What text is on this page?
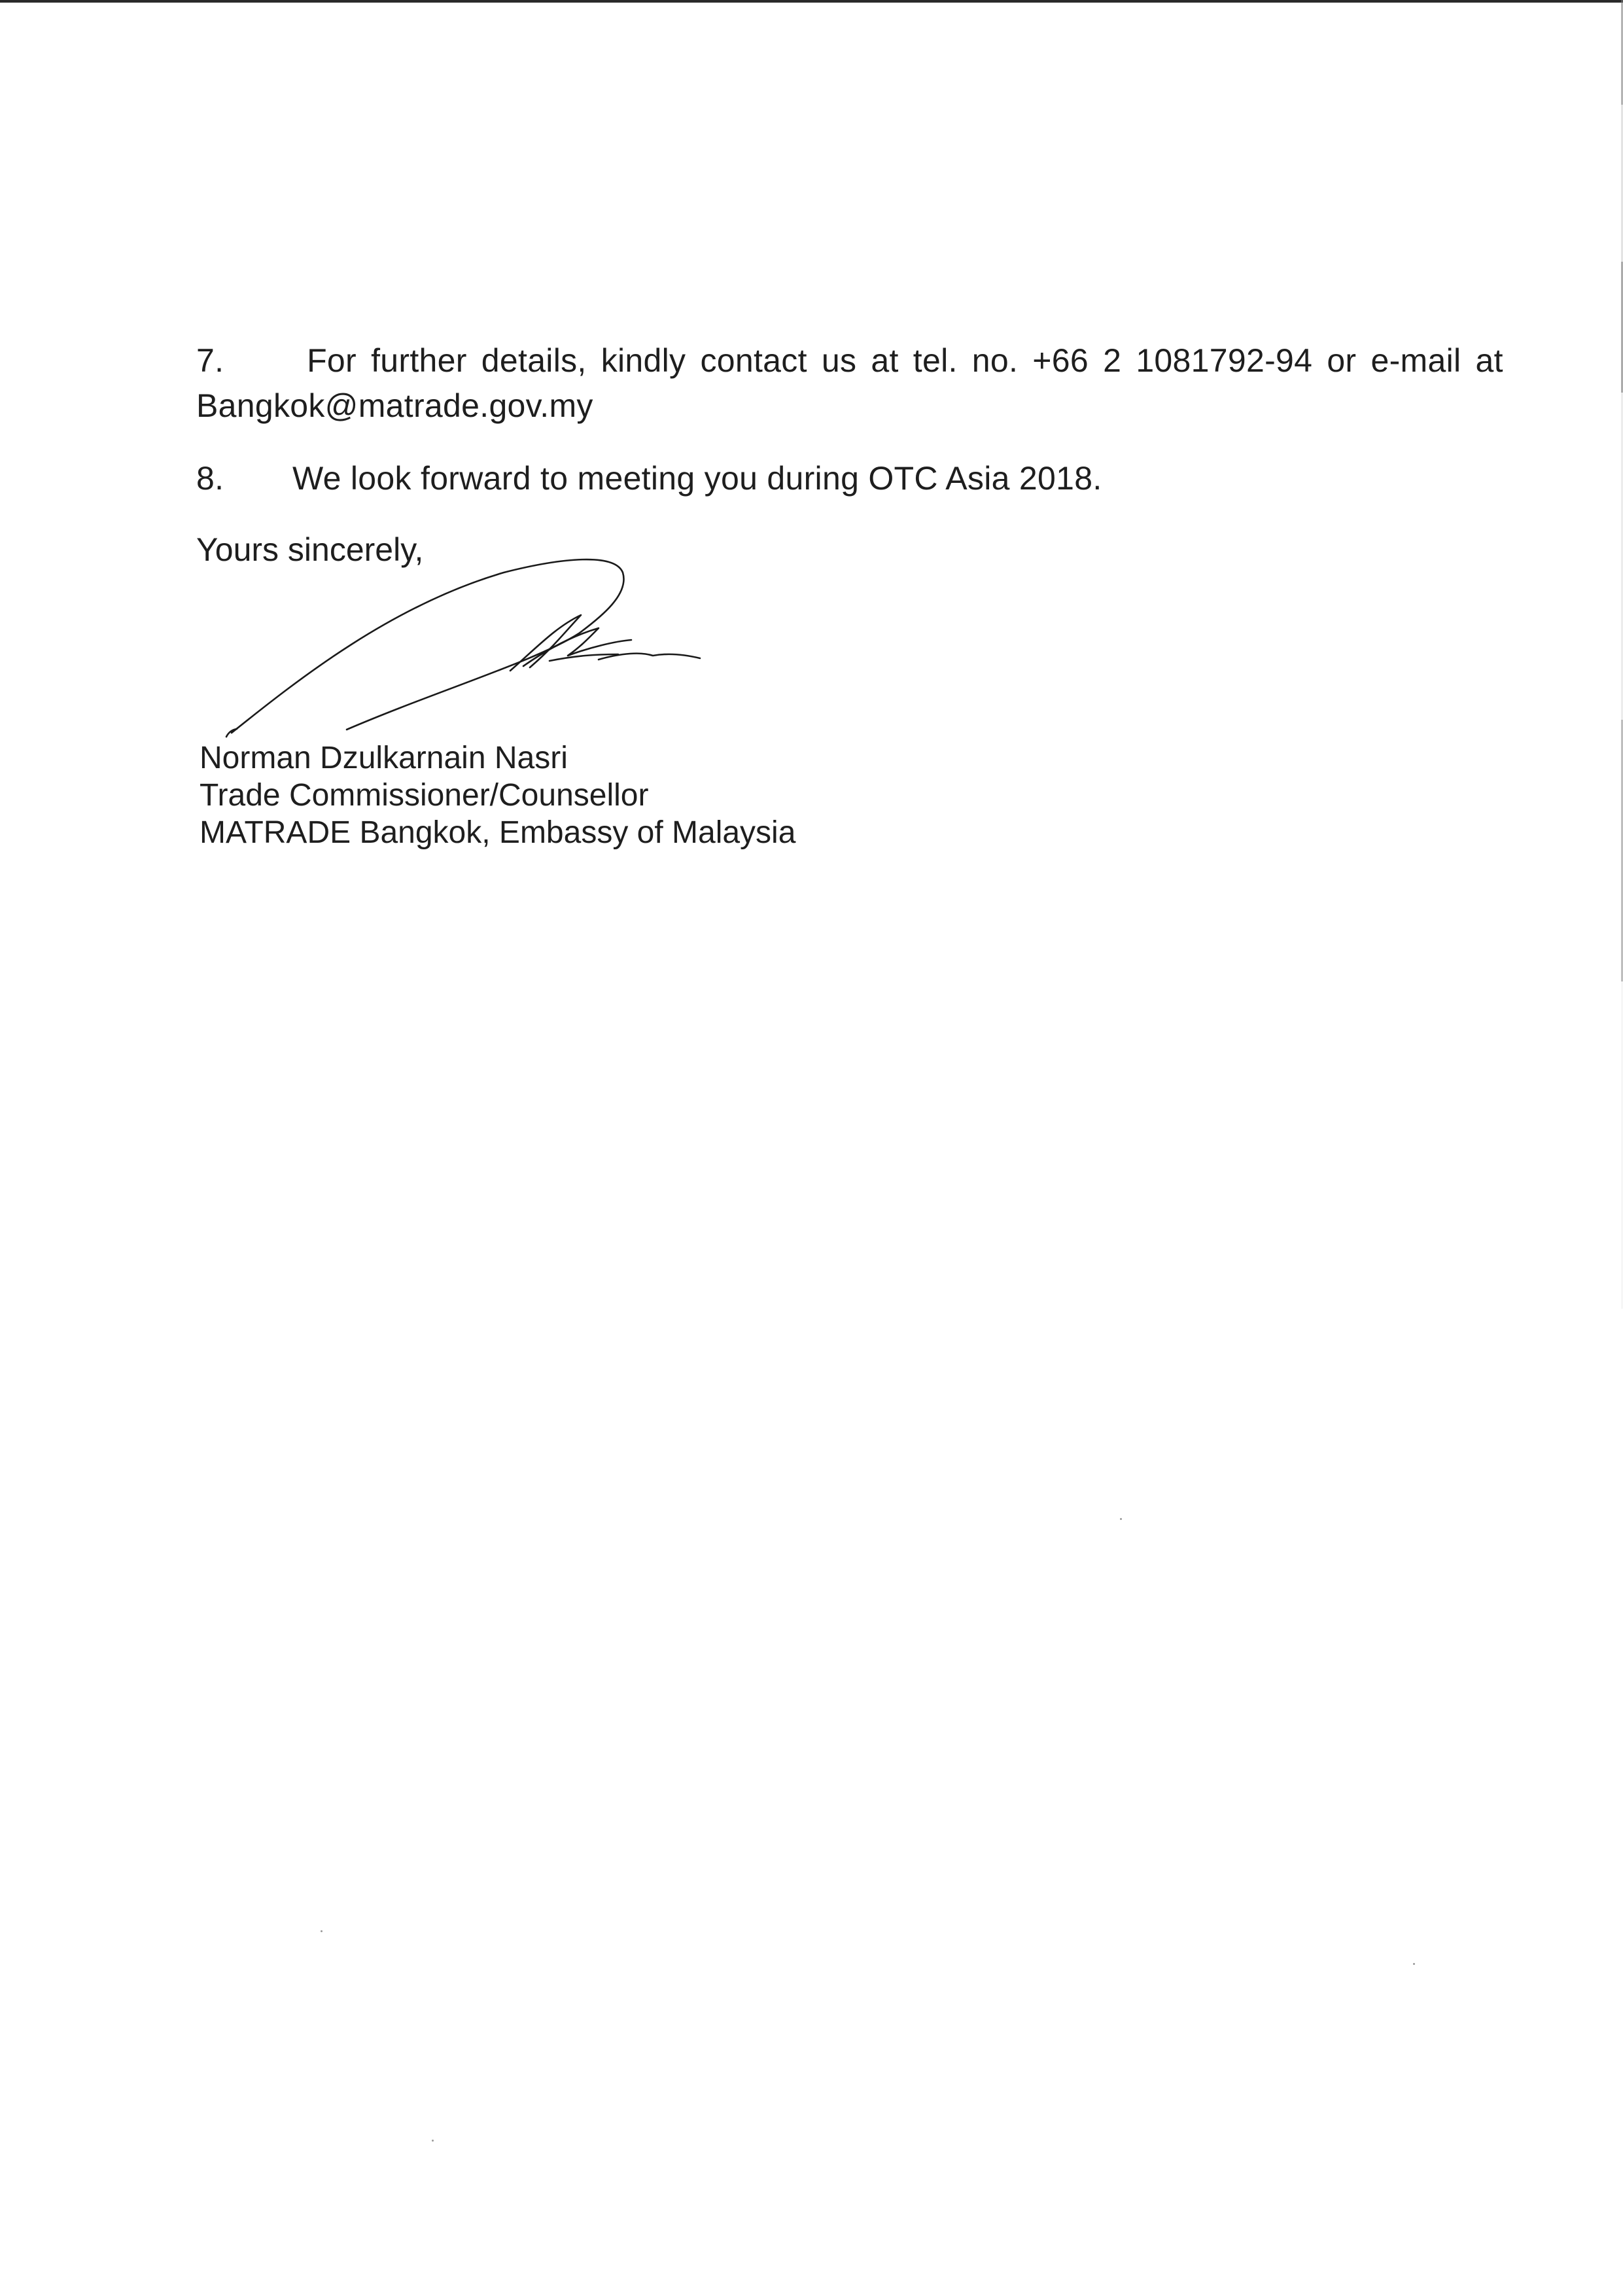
7.	For further details, kindly contact us at tel. no. +66 2 1081792-94 or e-mail at
Bangkok@matrade.gov.my
8. We look forward to meeting you during OTC Asia 2018.
Yours sincerely,
Norman Dzulkarnain Nasri
Trade Commissioner/Counsellor
MATRADE Bangkok, Embassy of Malaysia
